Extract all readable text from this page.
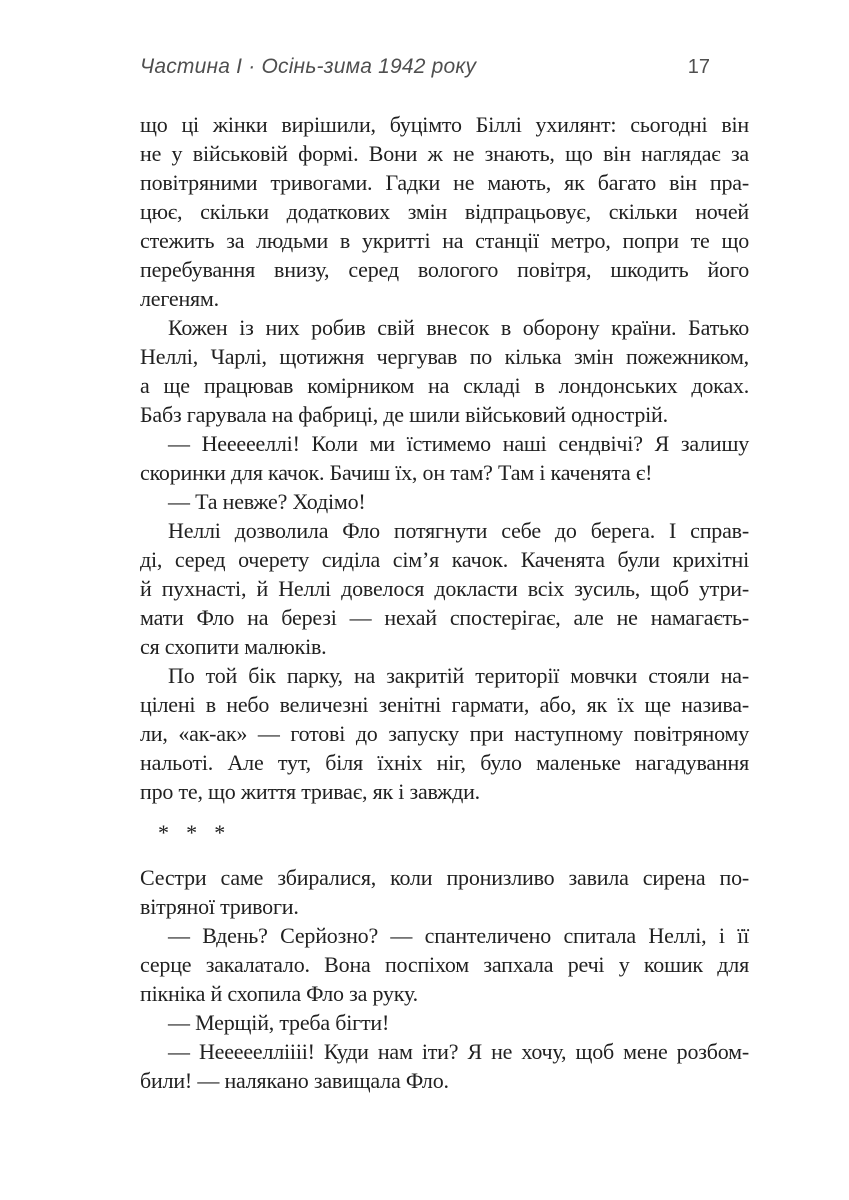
Частина I · Осінь-зима 1942 року	17
що ці жінки вирішили, буцімто Біллі ухилянт: сьогодні він
не у військовій формі. Вони ж не знають, що він наглядає за
повітряними тривогами. Гадки не мають, як багато він пра-
цює, скільки додаткових змін відпрацьовує, скільки ночей
стежить за людьми в укритті на станції метро, попри те що
перебування внизу, серед вологого повітря, шкодить його
легеням.
Кожен із них робив свій внесок в оборону країни. Батько
Неллі, Чарлі, щотижня чергував по кілька змін пожежником,
а ще працював комірником на складі в лондонських доках.
Бабз гарувала на фабриці, де шили військовий однострій.
— Неееееллі! Коли ми їстимемо наші сендвічі? Я залишу
скоринки для качок. Бачиш їх, он там? Там і каченята є!
— Та невже? Ходімо!
Неллі дозволила Фло потягнути себе до берега. І справ-
ді, серед очерету сиділа сім’я качок. Каченята були крихітні
й пухнасті, й Неллі довелося докласти всіх зусиль, щоб утри-
мати Фло на березі — нехай спостерігає, але не намагаєть-
ся схопити малюків.
По той бік парку, на закритій території мовчки стояли на-
цілені в небо величезні зенітні гармати, або, як їх ще назива-
ли, «ак-ак» — готові до запуску при наступному повітряному
нальоті. Але тут, біля їхніх ніг, було маленьке нагадування
про те, що життя триває, як і завжди.
* * *
Сестри саме збиралися, коли пронизливо завила сирена по-
вітряної тривоги.
— Вдень? Серйозно? — спантеличено спитала Неллі, і її
серце закалатало. Вона поспіхом запхала речі у кошик для
пікніка й схопила Фло за руку.
— Мерщій, треба бігти!
— Нееееелліііі! Куди нам іти? Я не хочу, щоб мене розбом-
били! — налякано завищала Фло.
